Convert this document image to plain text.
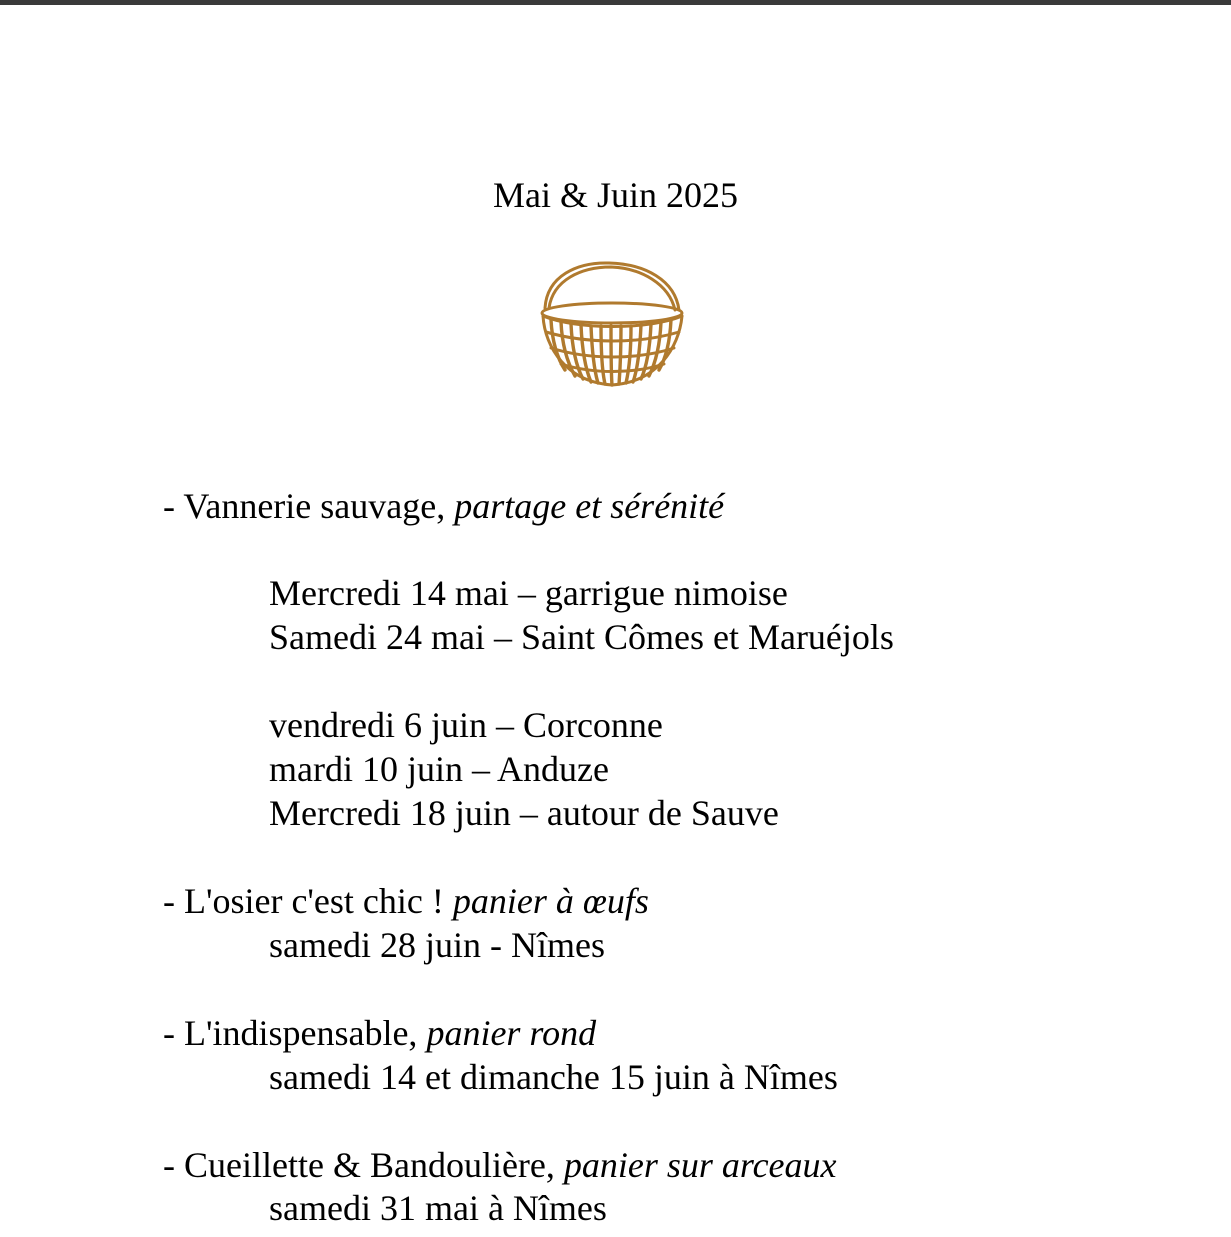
Mai & Juin 2025
- Vannerie sauvage, partage et sérénité
Mercredi 14 mai – garrigue nimoise
Samedi 24 mai – Saint Cômes et Maruéjols
vendredi 6 juin – Corconne
mardi 10 juin – Anduze
Mercredi 18 juin – autour de Sauve
- L'osier c'est chic ! panier à œufs
samedi 28 juin - Nîmes
- L'indispensable, panier rond
samedi 14 et dimanche 15 juin à Nîmes
- Cueillette & Bandoulière, panier sur arceaux
samedi 31 mai à Nîmes
